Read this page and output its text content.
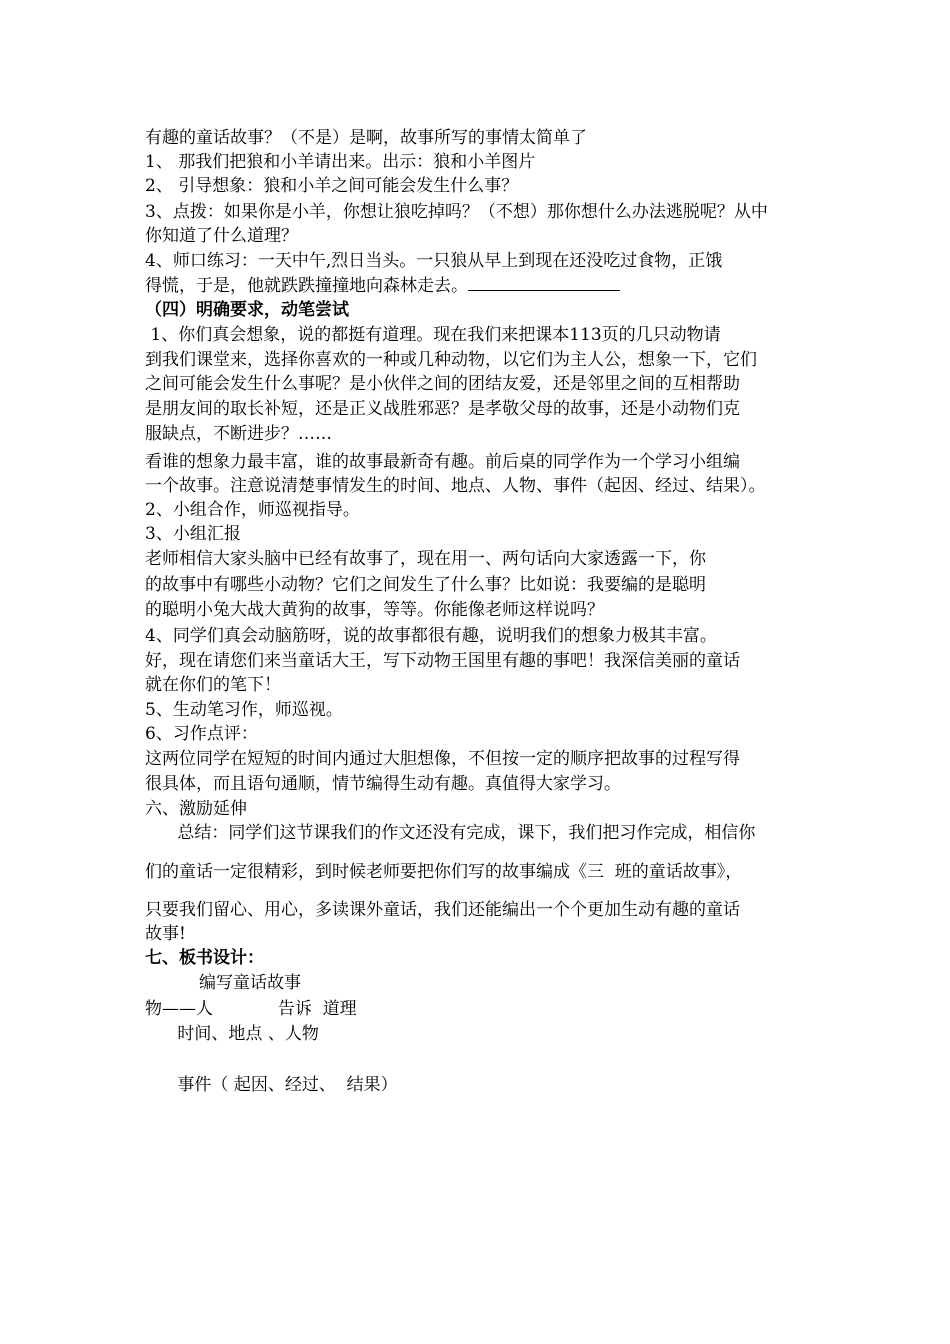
有趣的童话故事？（不是）是啊，故事所写的事情太简单了
1、 那我们把狼和小羊请出来。出示：狼和小羊图片
2、 引导想象：狼和小羊之间可能会发生什么事？
3、点拨：如果你是小羊，你想让狼吃掉吗？（不想）那你想什么办法逃脱呢？从中
你知道了什么道理？
4、师口练习：一天中午,烈日当头。一只狼从早上到现在还没吃过食物，正饿
得慌，于是，他就跌跌撞撞地向森林走去。
（四）明确要求，动笔尝试
1、你们真会想象，说的都挺有道理。现在我们来把课本113页的几只动物请
到我们课堂来，选择你喜欢的一种或几种动物，以它们为主人公，想象一下，它们
之间可能会发生什么事呢？是小伙伴之间的团结友爱，还是邻里之间的互相帮助
是朋友间的取长补短，还是正义战胜邪恶？是孝敬父母的故事，还是小动物们克
服缺点，不断进步？……
看谁的想象力最丰富，谁的故事最新奇有趣。前后桌的同学作为一个学习小组编
一个故事。注意说清楚事情发生的时间、地点、人物、事件（起因、经过、结果）。
2、小组合作，师巡视指导。
3、小组汇报
老师相信大家头脑中已经有故事了，现在用一、两句话向大家透露一下，你
的故事中有哪些小动物？它们之间发生了什么事？比如说：我要编的是聪明
的聪明小兔大战大黄狗的故事，等等。你能像老师这样说吗？
4、同学们真会动脑筋呀，说的故事都很有趣，说明我们的想象力极其丰富。
好，现在请您们来当童话大王，写下动物王国里有趣的事吧！我深信美丽的童话
就在你们的笔下！
5、生动笔习作，师巡视。
6、习作点评：
这两位同学在短短的时间内通过大胆想像，不但按一定的顺序把故事的过程写得
很具体，而且语句通顺，情节编得生动有趣。真值得大家学习。
六、激励延伸
总结：同学们这节课我们的作文还没有完成，课下，我们把习作完成，相信你
们的童话一定很精彩，到时候老师要把你们写的故事编成《三  班的童话故事》，
只要我们留心、用心，多读课外童话，我们还能编出一个个更加生动有趣的童话
故事!
七、板书设计：
编写童话故事
物——人            告诉  道理
时间、地点 、人物
事件（ 起因、经过、  结果）
